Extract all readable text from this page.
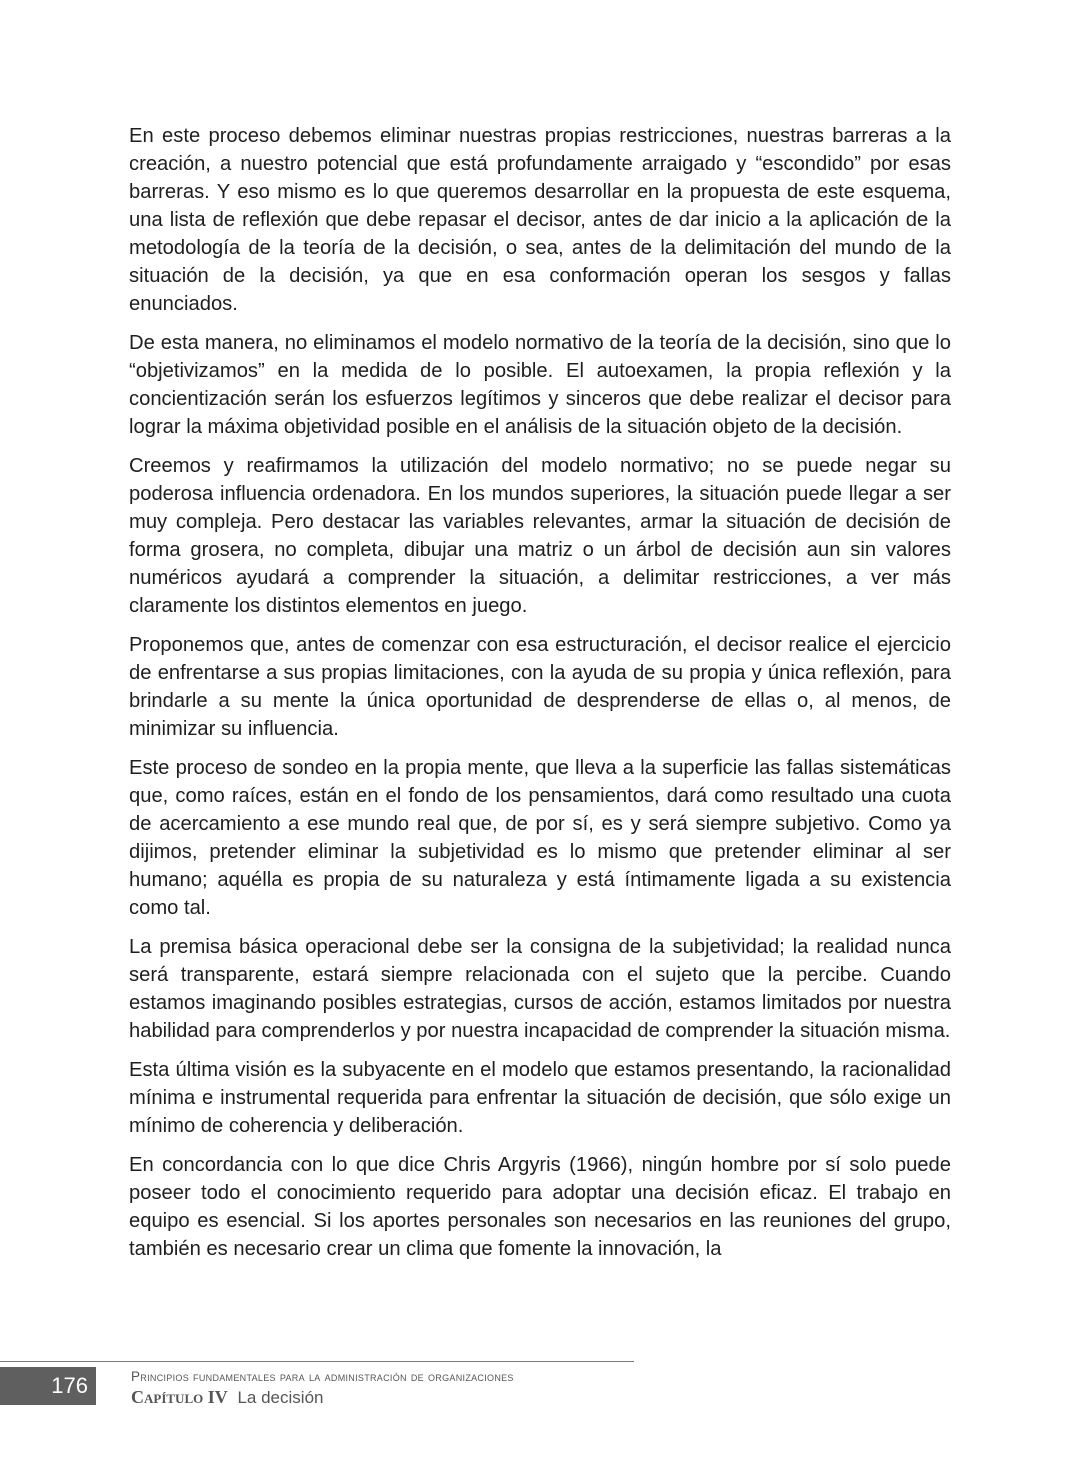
En este proceso debemos eliminar nuestras propias restricciones, nuestras barreras a la creación, a nuestro potencial que está profundamente arraigado y “escondido” por esas barreras. Y eso mismo es lo que queremos desarrollar en la propuesta de este esquema, una lista de reflexión que debe repasar el decisor, antes de dar inicio a la aplicación de la metodología de la teoría de la decisión, o sea, antes de la delimitación del mundo de la situación de la decisión, ya que en esa conformación operan los sesgos y fallas enunciados.

De esta manera, no eliminamos el modelo normativo de la teoría de la decisión, sino que lo “objetivizamos” en la medida de lo posible. El autoexamen, la propia reflexión y la concientización serán los esfuerzos legítimos y sinceros que debe realizar el decisor para lograr la máxima objetividad posible en el análisis de la situación objeto de la decisión.

Creemos y reafirmamos la utilización del modelo normativo; no se puede negar su poderosa influencia ordenadora. En los mundos superiores, la situación puede llegar a ser muy compleja. Pero destacar las variables relevantes, armar la situación de decisión de forma grosera, no completa, dibujar una matriz o un árbol de decisión aun sin valores numéricos ayudará a comprender la situación, a delimitar restricciones, a ver más claramente los distintos elementos en juego.

Proponemos que, antes de comenzar con esa estructuración, el decisor realice el ejercicio de enfrentarse a sus propias limitaciones, con la ayuda de su propia y única reflexión, para brindarle a su mente la única oportunidad de desprenderse de ellas o, al menos, de minimizar su influencia.

Este proceso de sondeo en la propia mente, que lleva a la superficie las fallas sistemáticas que, como raíces, están en el fondo de los pensamientos, dará como resultado una cuota de acercamiento a ese mundo real que, de por sí, es y será siempre subjetivo. Como ya dijimos, pretender eliminar la subjetividad es lo mismo que pretender eliminar al ser humano; aquélla es propia de su naturaleza y está íntimamente ligada a su existencia como tal.

La premisa básica operacional debe ser la consigna de la subjetividad; la realidad nunca será transparente, estará siempre relacionada con el sujeto que la percibe. Cuando estamos imaginando posibles estrategias, cursos de acción, estamos limitados por nuestra habilidad para comprenderlos y por nuestra incapacidad de comprender la situación misma.

Esta última visión es la subyacente en el modelo que estamos presentando, la racionalidad mínima e instrumental requerida para enfrentar la situación de decisión, que sólo exige un mínimo de coherencia y deliberación.

En concordancia con lo que dice Chris Argyris (1966), ningún hombre por sí solo puede poseer todo el conocimiento requerido para adoptar una decisión eficaz. El trabajo en equipo es esencial. Si los aportes personales son necesarios en las reuniones del grupo, también es necesario crear un clima que fomente la innovación, la

176	Principios fundamentales para la administración de organizaciones
Capítulo IV La decisión
